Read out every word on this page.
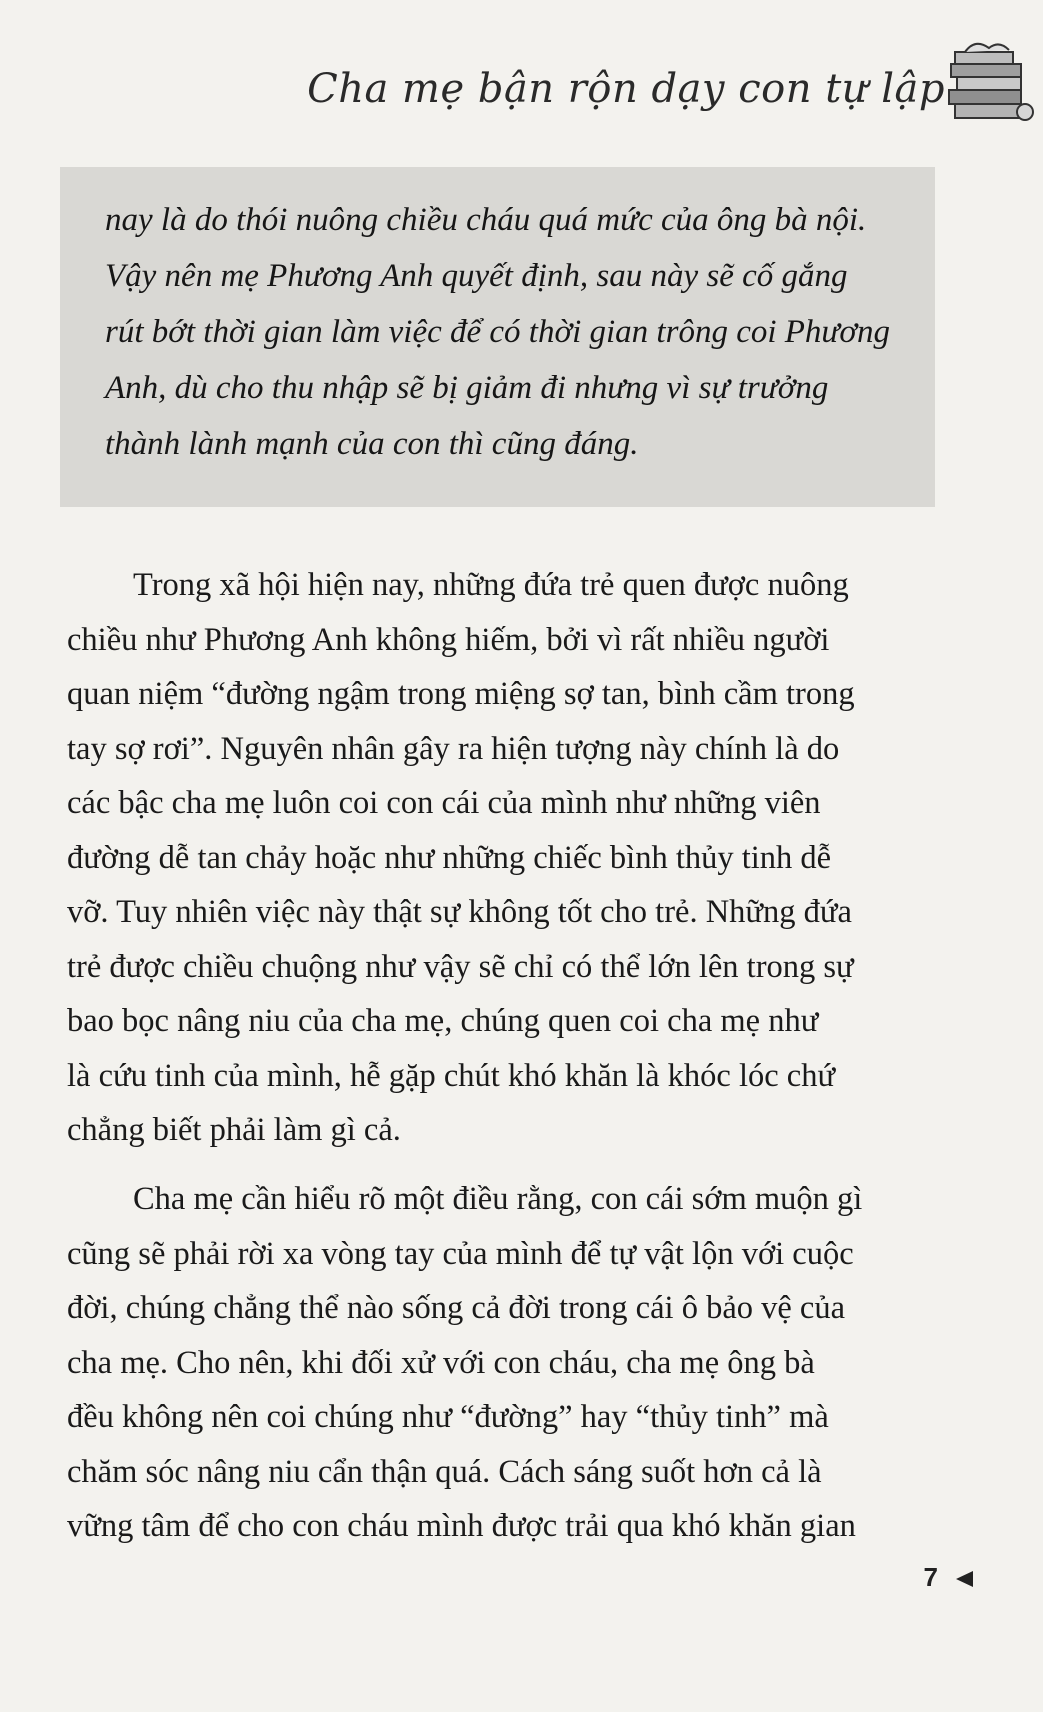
Cha mẹ bận rộn dạy con tự lập
nay là do thói nuông chiều cháu quá mức của ông bà nội.
Vậy nên mẹ Phương Anh quyết định, sau này sẽ cố gắng
rút bớt thời gian làm việc để có thời gian trông coi Phương
Anh, dù cho thu nhập sẽ bị giảm đi nhưng vì sự trưởng
thành lành mạnh của con thì cũng đáng.
Trong xã hội hiện nay, những đứa trẻ quen được nuông
chiều như Phương Anh không hiếm, bởi vì rất nhiều người
quan niệm “đường ngậm trong miệng sợ tan, bình cầm trong
tay sợ rơi”. Nguyên nhân gây ra hiện tượng này chính là do
các bậc cha mẹ luôn coi con cái của mình như những viên
đường dễ tan chảy hoặc như những chiếc bình thủy tinh dễ
vỡ. Tuy nhiên việc này thật sự không tốt cho trẻ. Những đứa
trẻ được chiều chuộng như vậy sẽ chỉ có thể lớn lên trong sự
bao bọc nâng niu của cha mẹ, chúng quen coi cha mẹ như
là cứu tinh của mình, hễ gặp chút khó khăn là khóc lóc chứ
chẳng biết phải làm gì cả.
Cha mẹ cần hiểu rõ một điều rằng, con cái sớm muộn gì
cũng sẽ phải rời xa vòng tay của mình để tự vật lộn với cuộc
đời, chúng chẳng thể nào sống cả đời trong cái ô bảo vệ của
cha mẹ. Cho nên, khi đối xử với con cháu, cha mẹ ông bà
đều không nên coi chúng như “đường” hay “thủy tinh” mà
chăm sóc nâng niu cẩn thận quá. Cách sáng suốt hơn cả là
vững tâm để cho con cháu mình được trải qua khó khăn gian
7
